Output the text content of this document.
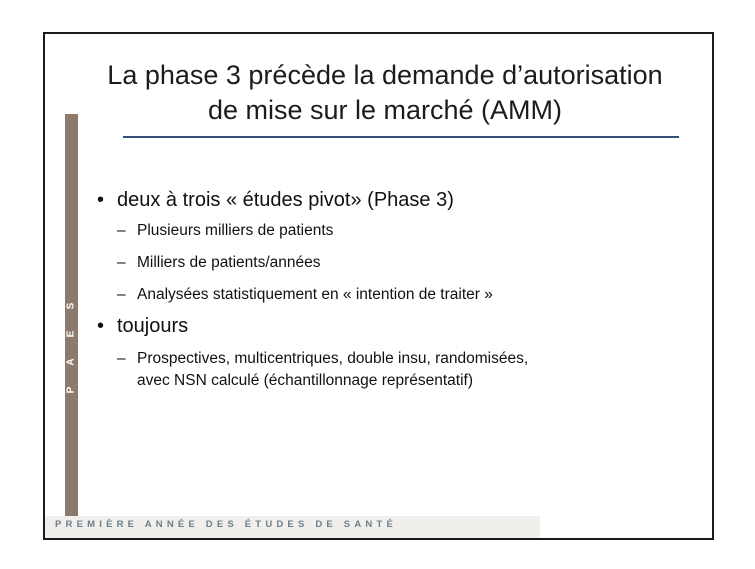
S
E
A
P
La phase 3 précède la demande d’autorisation
de mise sur le marché (AMM)

• deux à trois « études pivot» (Phase 3)

– Plusieurs milliers de patients

– Milliers de patients/années

– Analysées statistiquement en « intention de traiter »

• toujours

– Prospectives, multicentriques, double insu, randomisées, avec NSN calculé (échantillonnage représentatif)

PREMIÈRE ANNÉE DES ÉTUDES DE SANTÉ
